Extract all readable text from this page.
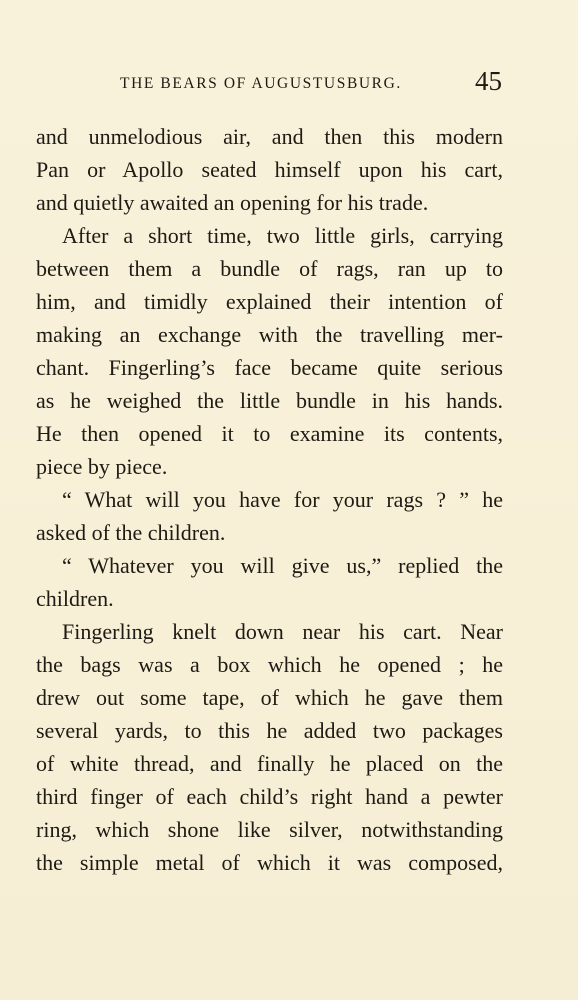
THE BEARS OF AUGUSTUSBURG.	45
and unmelodious air, and then this modern
Pan or Apollo seated himself upon his cart,
and quietly awaited an opening for his trade.
After a short time, two little girls, carrying
between them a bundle of rags, ran up to
him, and timidly explained their intention of
making an exchange with the travelling mer-
chant. Fingerling’s face became quite serious
as he weighed the little bundle in his hands.
He then opened it to examine its contents,
piece by piece.
“ What will you have for your rags ? ” he
asked of the children.
“ Whatever you will give us,” replied the
children.
Fingerling knelt down near his cart. Near
the bags was a box which he opened ; he
drew out some tape, of which he gave them
several yards, to this he added two packages
of white thread, and finally he placed on the
third finger of each child’s right hand a pewter
ring, which shone like silver, notwithstanding
the simple metal of which it was composed,
